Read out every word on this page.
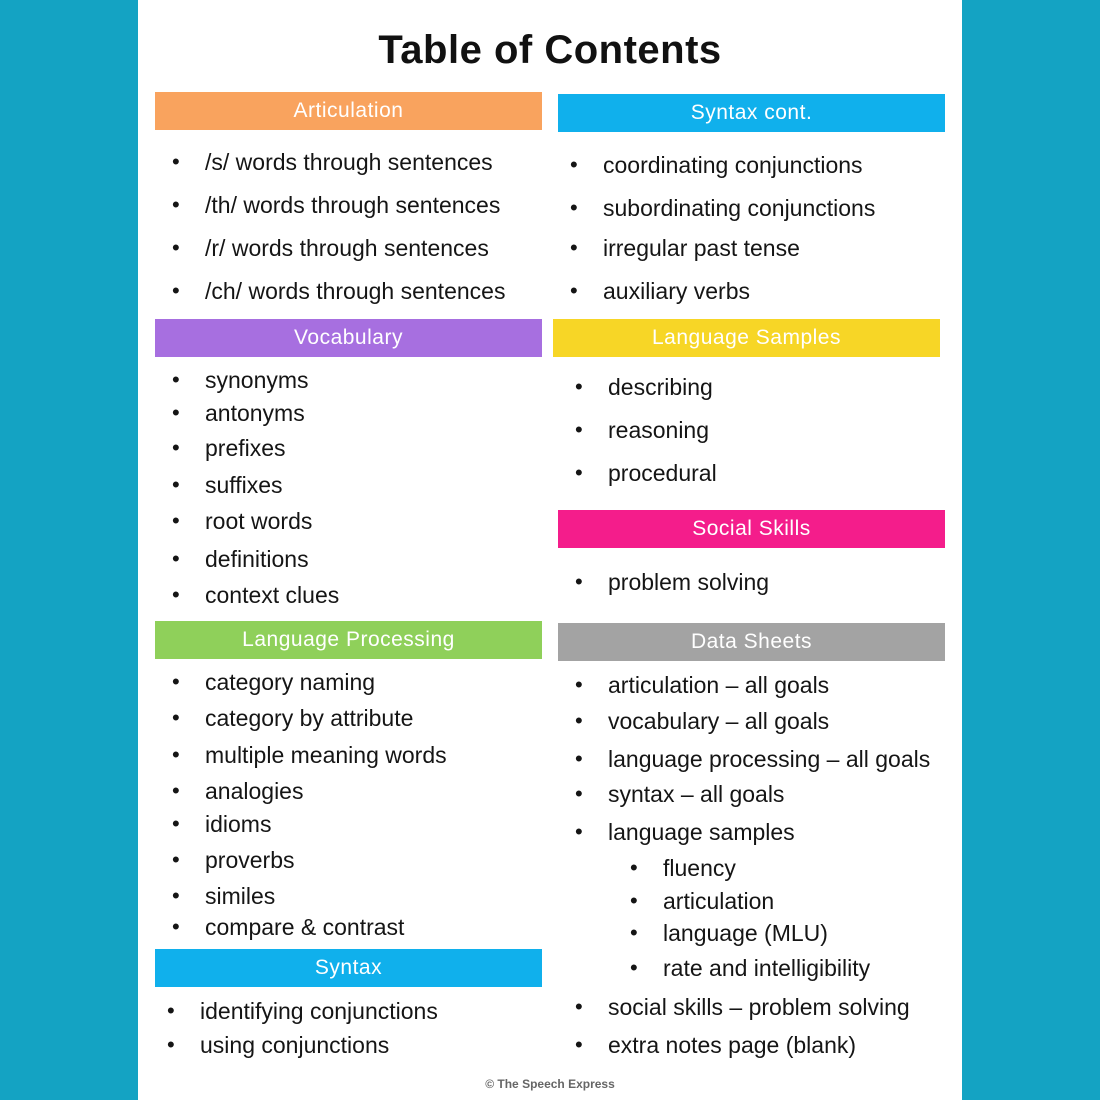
Table of Contents
Articulation
• /s/ words through sentences
• /th/ words through sentences
• /r/ words through sentences
• /ch/ words through sentences
Vocabulary
• synonyms
• antonyms
• prefixes
• suffixes
• root words
• definitions
• context clues
Language Processing
• category naming
• category by attribute
• multiple meaning words
• analogies
• idioms
• proverbs
• similes
• compare & contrast
Syntax
• identifying conjunctions
• using conjunctions
Syntax cont.
• coordinating conjunctions
• subordinating conjunctions
• irregular past tense
• auxiliary verbs
Language Samples
• describing
• reasoning
• procedural
Social Skills
• problem solving
Data Sheets
• articulation – all goals
• vocabulary – all goals
• language processing – all goals
• syntax – all goals
• language samples
• fluency
• articulation
• language (MLU)
• rate and intelligibility
• social skills – problem solving
• extra notes page (blank)
© The Speech Express
